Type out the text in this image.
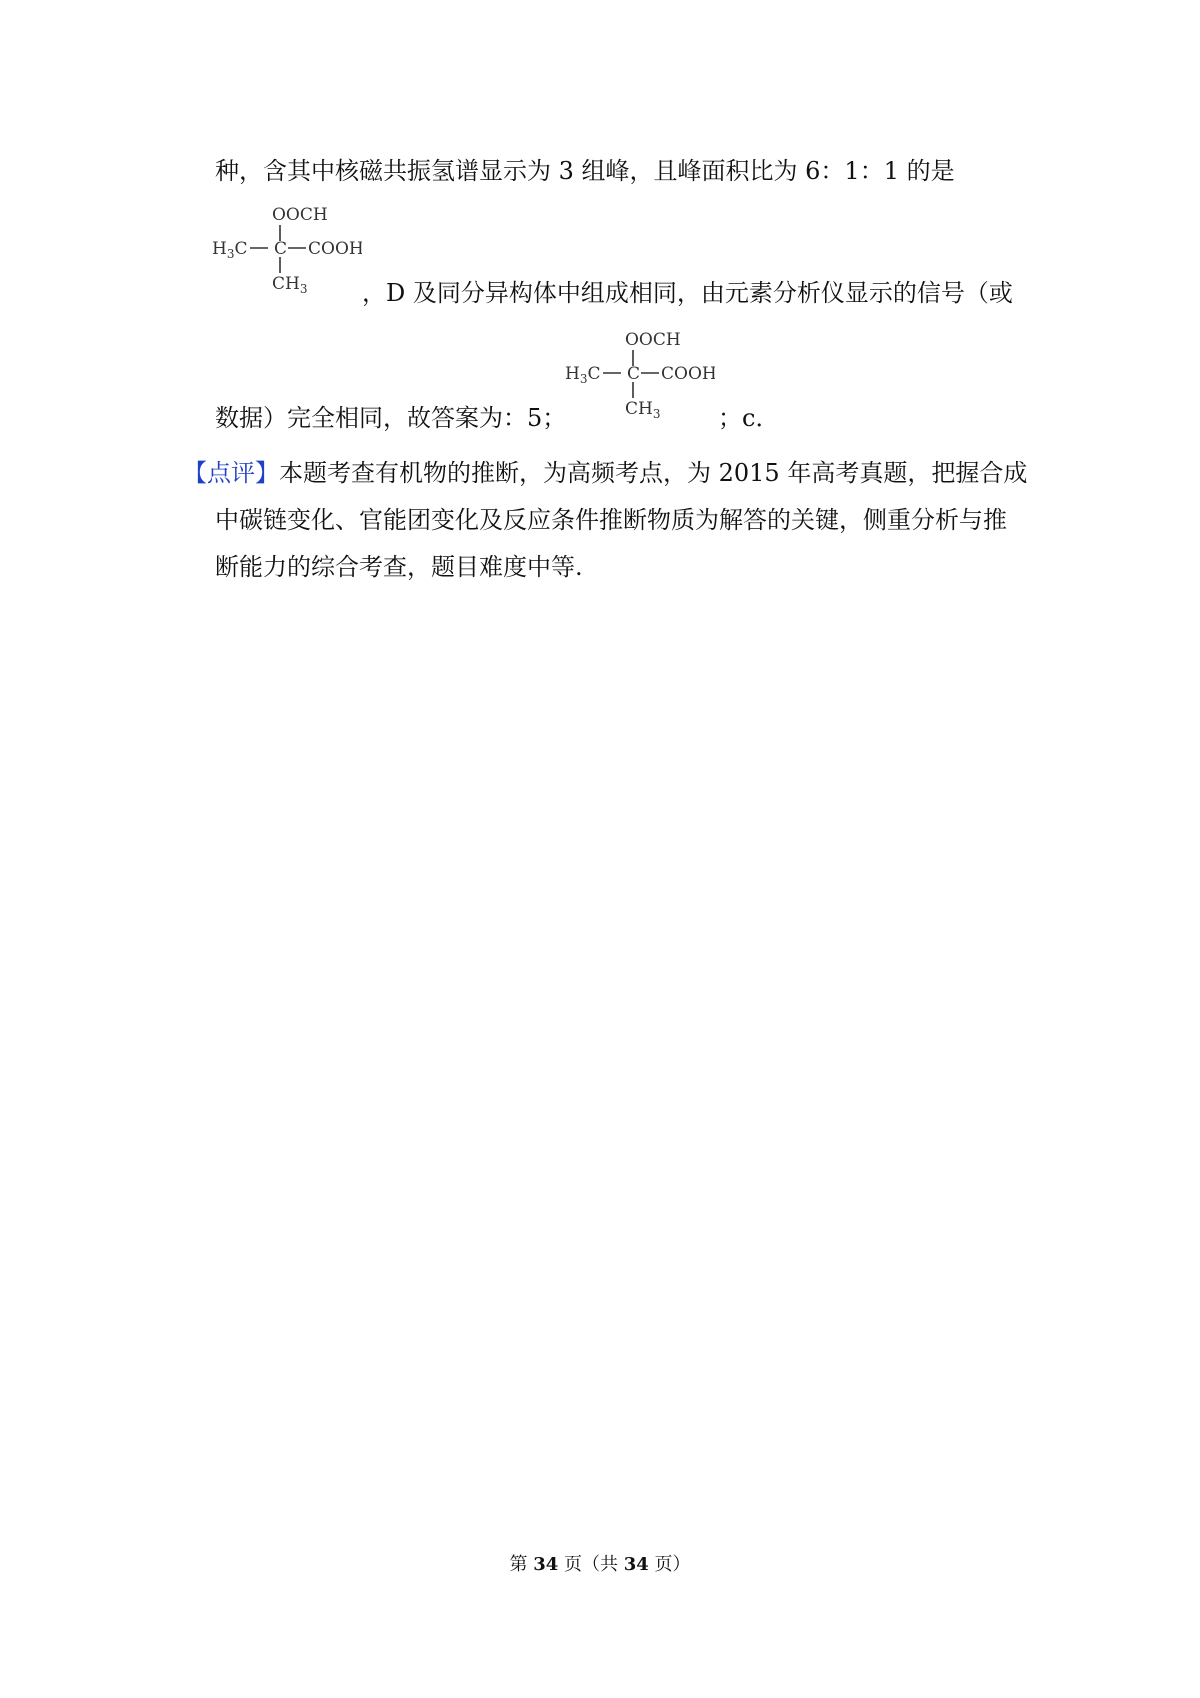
种，含其中核磁共振氢谱显示为 3 组峰，且峰面积比为 6：1：1 的是
OOCH
$H_3C$ C COOH
$CH_3$ ，D 及同分异构体中组成相同，由元素分析仪显示的信号（或
OOCH
$H_3C$ C COOH
$CH_3$
数据）完全相同，故答案为：5；	；c．
【点评】本题考查有机物的推断，为高频考点，为 2015 年高考真题，把握合成
中碳链变化、官能团变化及反应条件推断物质为解答的关键，侧重分析与推
断能力的综合考查，题目难度中等.
第 34 页（共 34 页）
